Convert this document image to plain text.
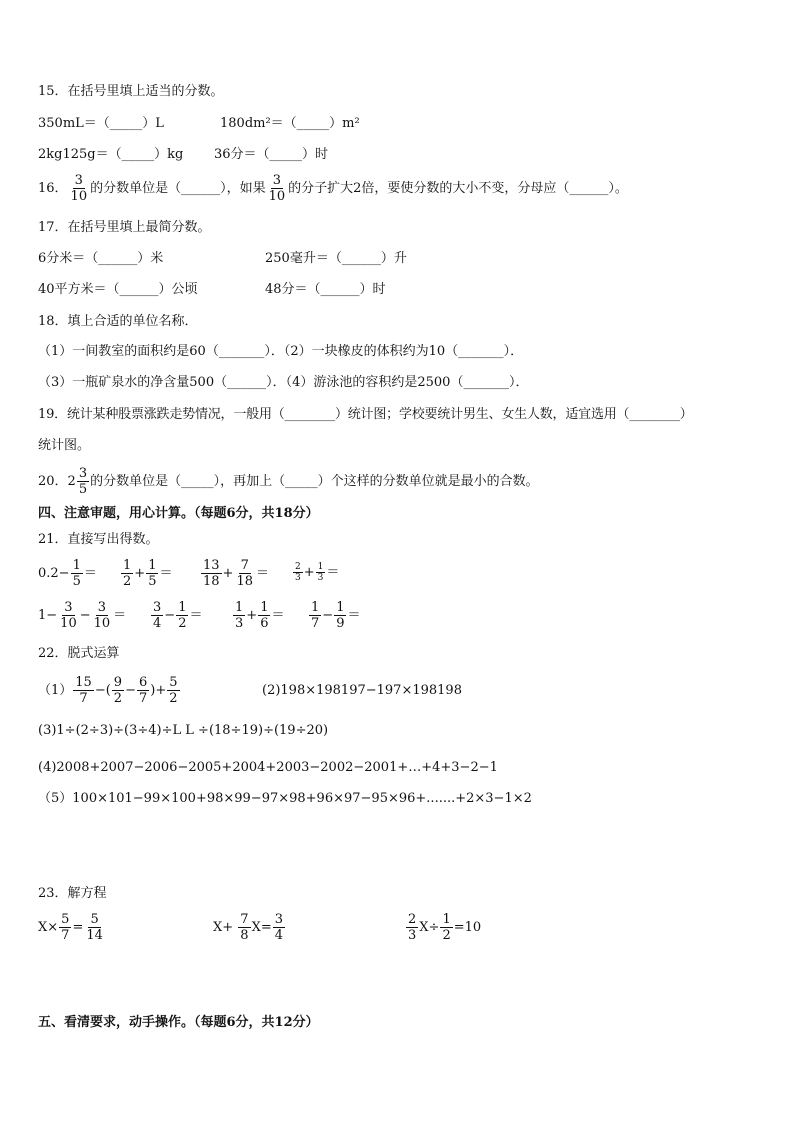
15．在括号里填上适当的分数。
350mL＝（_____）L	180dm²＝（_____）m²
2kg125g＝（_____）kg 36分＝（_____）时
16． $\frac{3}{10}$ 的分数单位是（______），如果 $\frac{3}{10}$ 的分子扩大2倍，要使分数的大小不变，分母应（______）。
17．在括号里填上最简分数。
6分米＝（______）米	250毫升＝（______）升
40平方米＝（______）公顷	48分＝（______）时
18．填上合适的单位名称．
（1）一间教室的面积约是60（_______）．（2）一块橡皮的体积约为10（_______）．
（3）一瓶矿泉水的净含量500（______）．（4）游泳池的容积约是2500（_______）．
19．统计某种股票涨跌走势情况，一般用（________）统计图；学校要统计男生、女生人数，适宜选用（________）
统计图。
20．$2 \frac{3}{5}$ 的分数单位是（_____），再加上（_____）个这样的分数单位就是最小的合数。
四、注意审题，用心计算。（每题6分，共18分）
21．直接写出得数。
$0.2- \frac{1}{5} = \frac{1}{2} + \frac{1}{5} = \frac{13}{18} + \frac{7}{18}$ ＝	$\frac{2}{3} + \frac{1}{3}$ ＝
$1- \frac{3}{10} - \frac{3}{10} = \frac{3}{4} - \frac{1}{2} = \frac{1}{3} + \frac{1}{6} = \frac{1}{7} - \frac{1}{9}$ ＝
22．脱式运算
$(1) \frac{15}{7}$ −( $\frac{9}{2} - \frac{6}{7}$ )+ $\frac{5}{2}$	(2)198×198197−197×198198
(3)1÷(2÷3)÷(3÷4)÷L L ÷(18÷19)÷(19÷20)
(4)2008+2007−2006−2005+2004+2003−2002−2001+…+4+3−2−1
（5）100×101−99×100+98×99−97×98+96×97−95×96+.......+2×3−1×2
23．解方程
$X\times \frac{5}{7} = \frac{5}{14}$	$X+ \frac{7}{8} X= \frac{3}{4}$	$\frac{2}{3} X\div \frac{1}{2} =10$
五、看清要求，动手操作。（每题6分，共12分）
